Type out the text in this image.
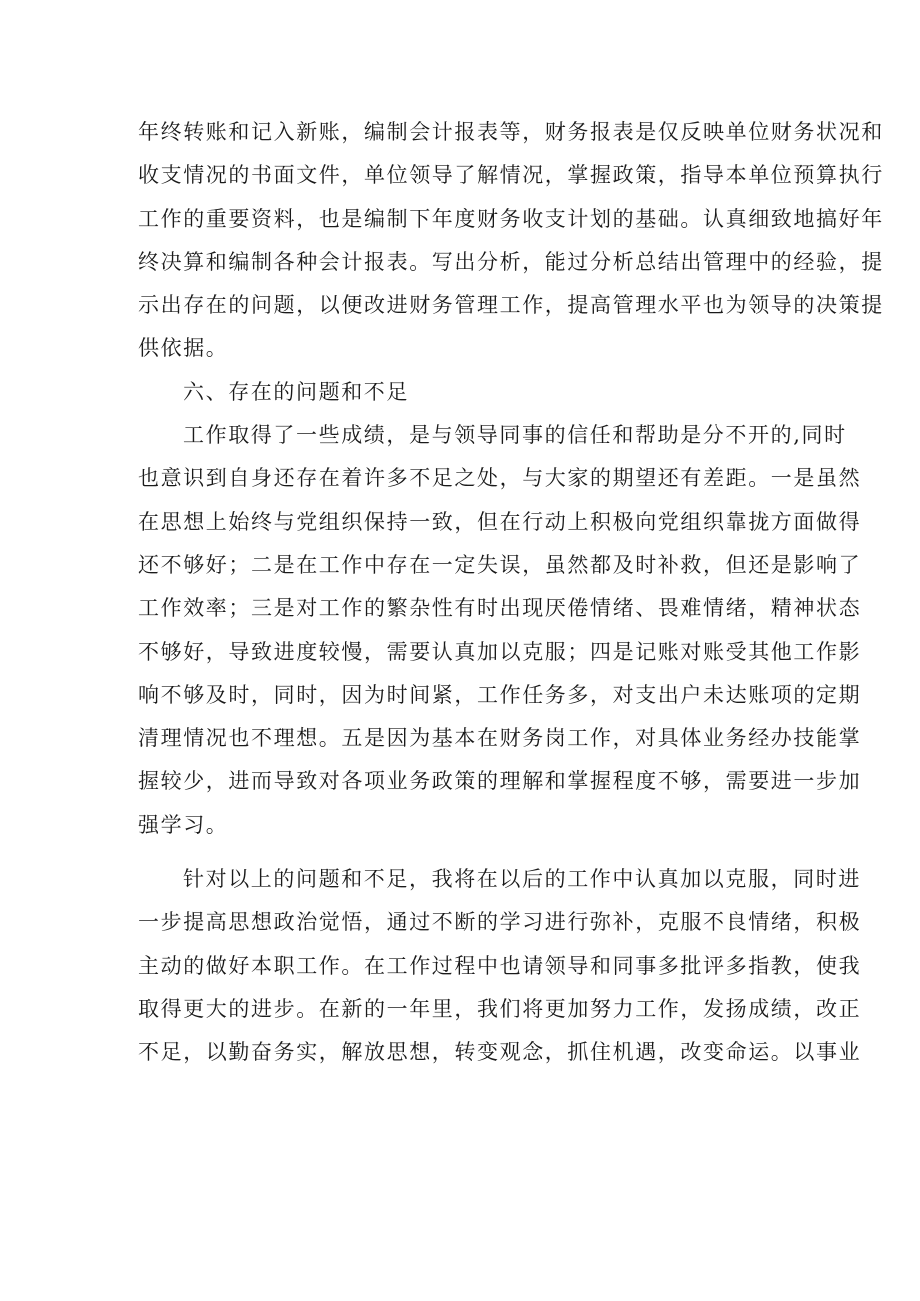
年终转账和记入新账，编制会计报表等，财务报表是仅反映单位财务状况和
收支情况的书面文件，单位领导了解情况，掌握政策，指导本单位预算执行
工作的重要资料，也是编制下年度财务收支计划的基础。认真细致地搞好年
终决算和编制各种会计报表。写出分析，能过分析总结出管理中的经验，提
示出存在的问题，以便改进财务管理工作，提高管理水平也为领导的决策提
供依据。
六、存在的问题和不足
工作取得了一些成绩，是与领导同事的信任和帮助是分不开的,同时
也意识到自身还存在着许多不足之处，与大家的期望还有差距。一是虽然
在思想上始终与党组织保持一致，但在行动上积极向党组织靠拢方面做得
还不够好；二是在工作中存在一定失误，虽然都及时补救，但还是影响了
工作效率；三是对工作的繁杂性有时出现厌倦情绪、畏难情绪，精神状态
不够好，导致进度较慢，需要认真加以克服；四是记账对账受其他工作影
响不够及时，同时，因为时间紧，工作任务多，对支出户未达账项的定期
清理情况也不理想。五是因为基本在财务岗工作，对具体业务经办技能掌
握较少，进而导致对各项业务政策的理解和掌握程度不够，需要进一步加
强学习。
针对以上的问题和不足，我将在以后的工作中认真加以克服，同时进
一步提高思想政治觉悟，通过不断的学习进行弥补，克服不良情绪，积极
主动的做好本职工作。在工作过程中也请领导和同事多批评多指教，使我
取得更大的进步。在新的一年里，我们将更加努力工作，发扬成绩，改正
不足，以勤奋务实，解放思想，转变观念，抓住机遇，改变命运。以事业
